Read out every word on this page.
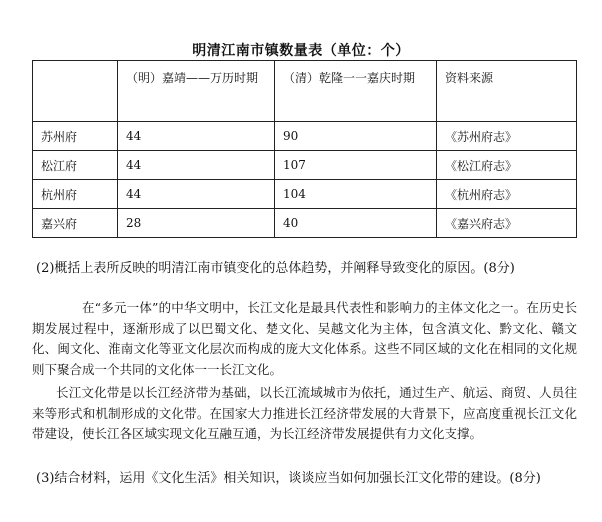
明清江南市镇数量表（单位：个）
	（明）嘉靖——万历时期	（清）乾隆一一嘉庆时期	资料来源
苏州府	44	90	《苏州府志》
松江府	44	107	《松江府志》
杭州府	44	104	《杭州府志》
嘉兴府	28	40	《嘉兴府志》
(2)概括上表所反映的明清江南市镇变化的总体趋势，并阐释导致变化的原因。(8分)

在“多元一体”的中华文明中，长江文化是最具代表性和影响力的主体文化之一。在历史长期发展过程中，逐渐形成了以巴蜀文化、楚文化、吴越文化为主体，包含滇文化、黔文化、赣文化、闽文化、淮南文化等亚文化层次而构成的庞大文化体系。这些不同区域的文化在相同的文化规则下聚合成一个共同的文化体一一长江文化。

长江文化带是以长江经济带为基础，以长江流域城市为依托，通过生产、航运、商贸、人员往来等形式和机制形成的文化带。在国家大力推进长江经济带发展的大背景下，应高度重视长江文化带建设，使长江各区域实现文化互融互通，为长江经济带发展提供有力文化支撑。

(3)结合材料，运用《文化生活》相关知识，谈谈应当如何加强长江文化带的建设。(8分)
